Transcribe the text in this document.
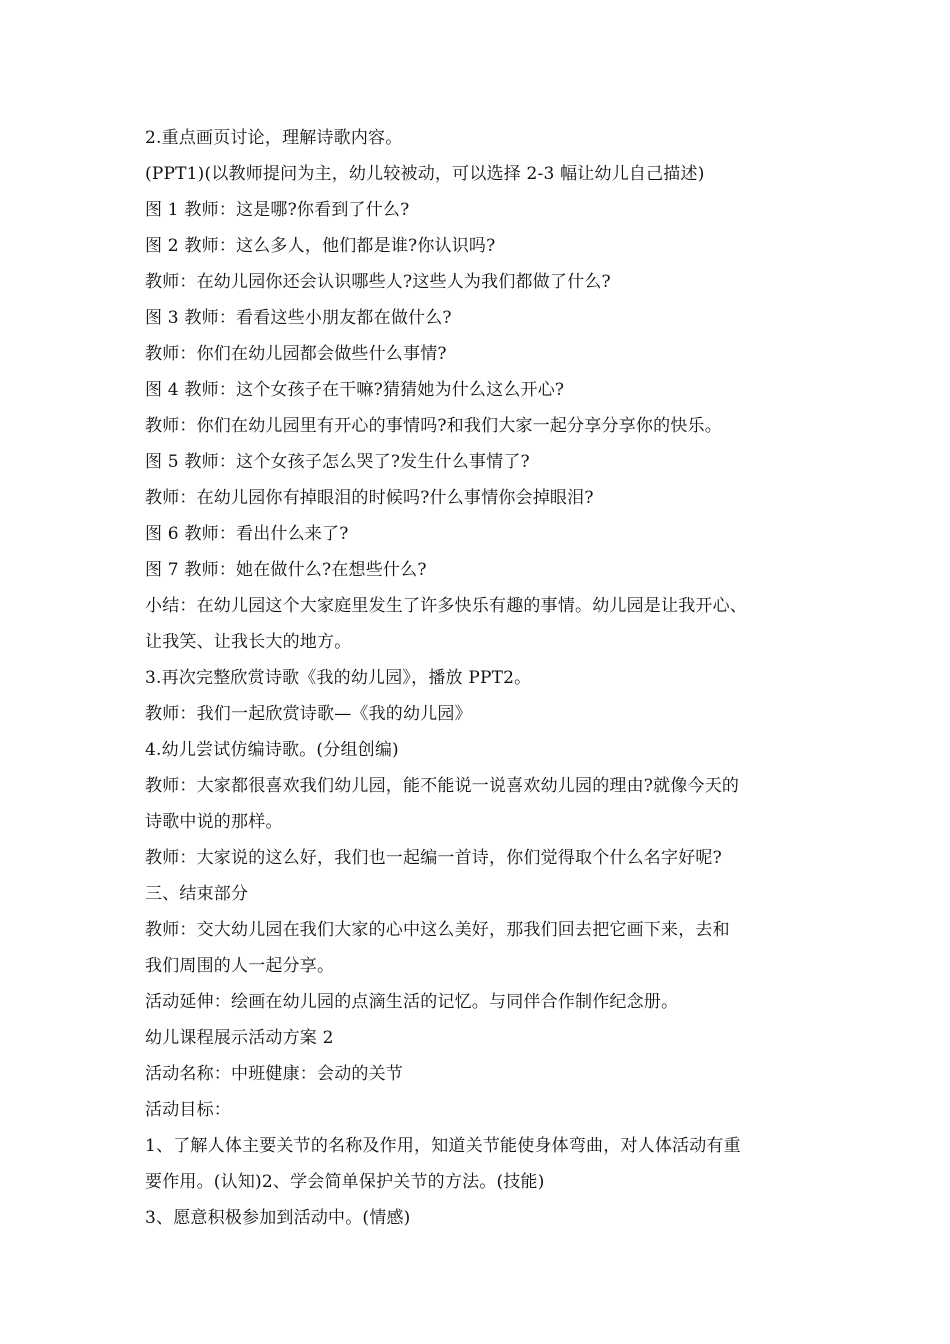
2.重点画页讨论，理解诗歌内容。
(PPT1)(以教师提问为主，幼儿较被动，可以选择 2-3 幅让幼儿自己描述)
图 1 教师：这是哪?你看到了什么?
图 2 教师：这么多人，他们都是谁?你认识吗?
教师：在幼儿园你还会认识哪些人?这些人为我们都做了什么?
图 3 教师：看看这些小朋友都在做什么?
教师：你们在幼儿园都会做些什么事情?
图 4 教师：这个女孩子在干嘛?猜猜她为什么这么开心?
教师：你们在幼儿园里有开心的事情吗?和我们大家一起分享分享你的快乐。
图 5 教师：这个女孩子怎么哭了?发生什么事情了?
教师：在幼儿园你有掉眼泪的时候吗?什么事情你会掉眼泪?
图 6 教师：看出什么来了?
图 7 教师：她在做什么?在想些什么?
小结：在幼儿园这个大家庭里发生了许多快乐有趣的事情。幼儿园是让我开心、
让我笑、让我长大的地方。
3.再次完整欣赏诗歌《我的幼儿园》，播放 PPT2。
教师：我们一起欣赏诗歌—《我的幼儿园》
4.幼儿尝试仿编诗歌。(分组创编)
教师：大家都很喜欢我们幼儿园，能不能说一说喜欢幼儿园的理由?就像今天的
诗歌中说的那样。
教师：大家说的这么好，我们也一起编一首诗，你们觉得取个什么名字好呢?
三、结束部分
教师：交大幼儿园在我们大家的心中这么美好，那我们回去把它画下来，去和
我们周围的人一起分享。
活动延伸：绘画在幼儿园的点滴生活的记忆。与同伴合作制作纪念册。
幼儿课程展示活动方案 2
活动名称：中班健康：会动的关节
活动目标：
1、了解人体主要关节的名称及作用，知道关节能使身体弯曲，对人体活动有重
要作用。(认知)2、学会简单保护关节的方法。(技能)
3、愿意积极参加到活动中。(情感)
